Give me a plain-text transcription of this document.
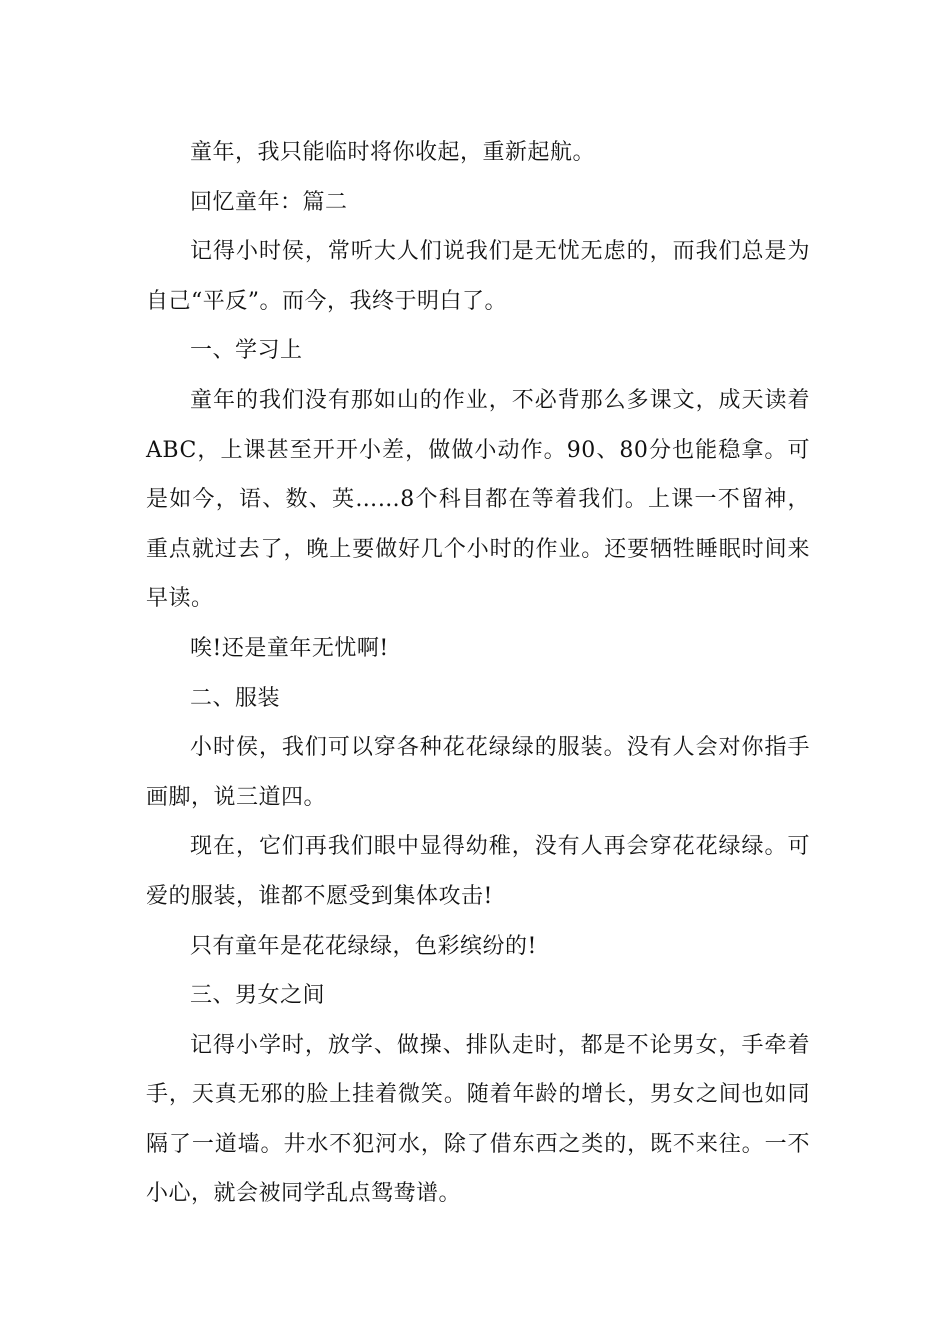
童年，我只能临时将你收起，重新起航。

回忆童年：篇二

记得小时侯，常听大人们说我们是无忧无虑的，而我们总是为自己“平反”。而今，我终于明白了。

一、学习上

童年的我们没有那如山的作业，不必背那么多课文，成天读着ABC，上课甚至开开小差，做做小动作。90、80分也能稳拿。可是如今，语、数、英……8个科目都在等着我们。上课一不留神，重点就过去了，晚上要做好几个小时的作业。还要牺牲睡眠时间来早读。

唉!还是童年无忧啊!

二、服装

小时侯，我们可以穿各种花花绿绿的服装。没有人会对你指手画脚，说三道四。

现在，它们再我们眼中显得幼稚，没有人再会穿花花绿绿。可爱的服装，谁都不愿受到集体攻击!

只有童年是花花绿绿，色彩缤纷的!

三、男女之间

记得小学时，放学、做操、排队走时，都是不论男女，手牵着手，天真无邪的脸上挂着微笑。随着年龄的增长，男女之间也如同隔了一道墙。井水不犯河水，除了借东西之类的，既不来往。一不小心，就会被同学乱点鸳鸯谱。
